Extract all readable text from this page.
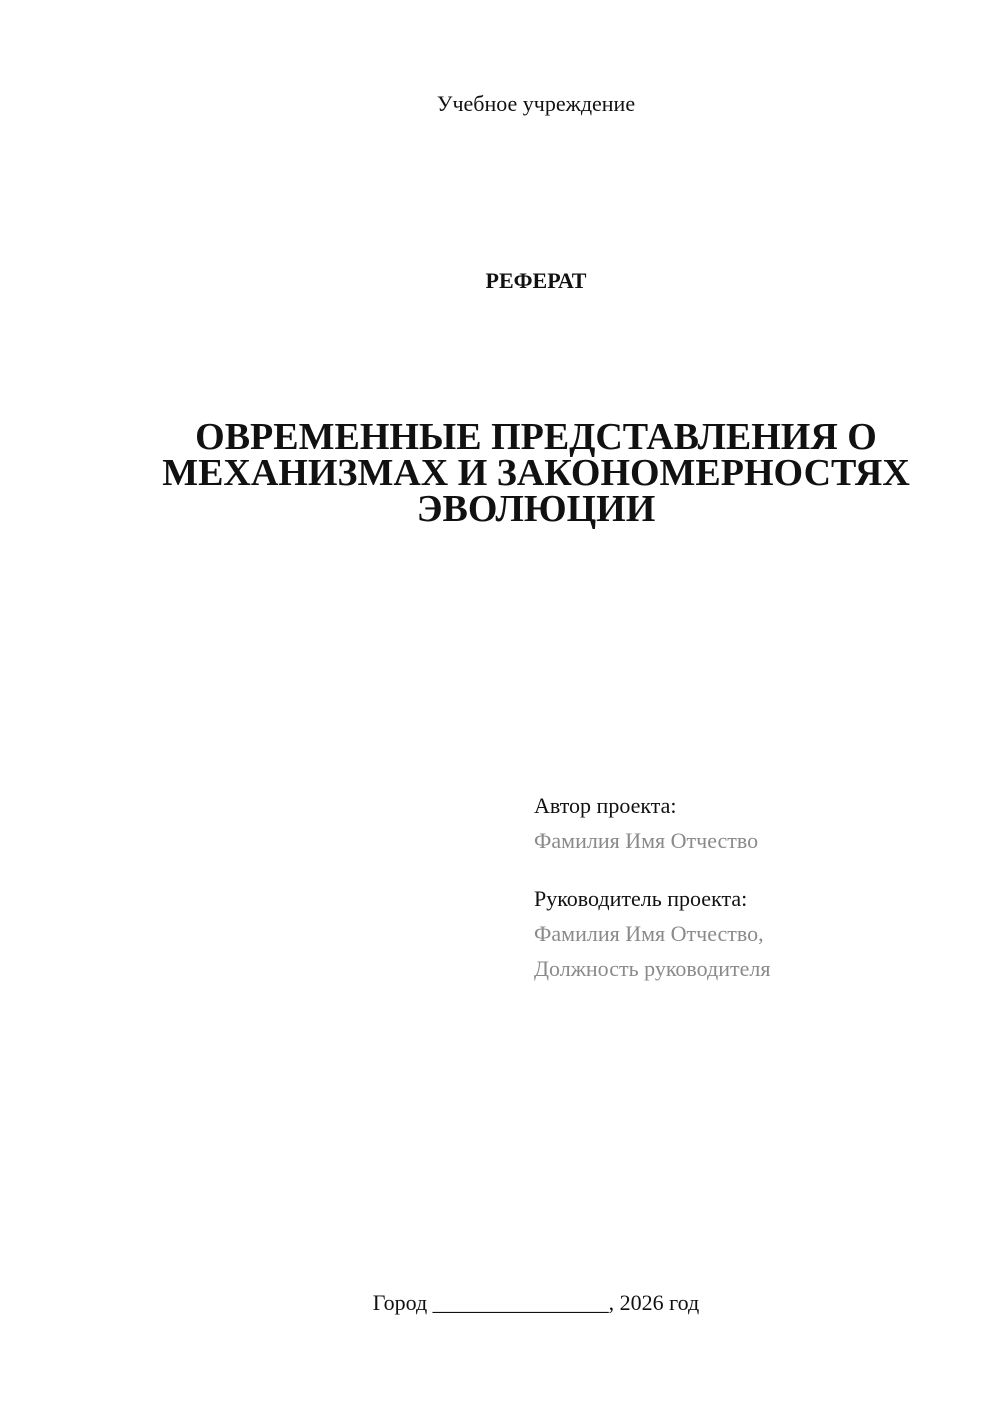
Учебное учреждение
РЕФЕРАТ
ОВРЕМЕННЫЕ ПРЕДСТАВЛЕНИЯ О
МЕХАНИЗМАХ И ЗАКОНОМЕРНОСТЯХ
ЭВОЛЮЦИИ
Автор проекта:
Фамилия Имя Отчество
Руководитель проекта:
Фамилия Имя Отчество,
Должность руководителя
Город ________________, 2026 год
